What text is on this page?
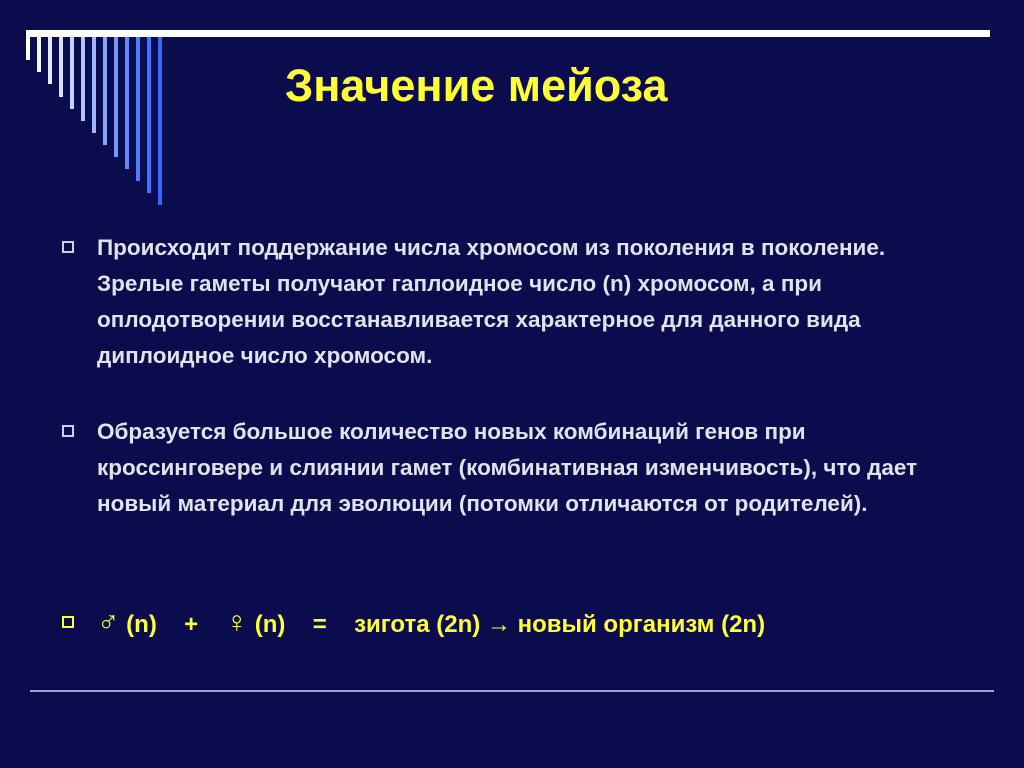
Значение мейоза
Происходит поддержание числа хромосом из поколения в поколение. Зрелые гаметы получают гаплоидное число (n) хромосом, а при оплодотворении восстанавливается характерное для данного вида диплоидное число хромосом.
Образуется большое количество новых комбинаций генов при кроссинговере и слиянии гамет (комбинативная изменчивость), что дает новый материал для эволюции (потомки отличаются от родителей).
♂ (n) + ♀ (n) = зигота (2n) → новый организм (2n)
